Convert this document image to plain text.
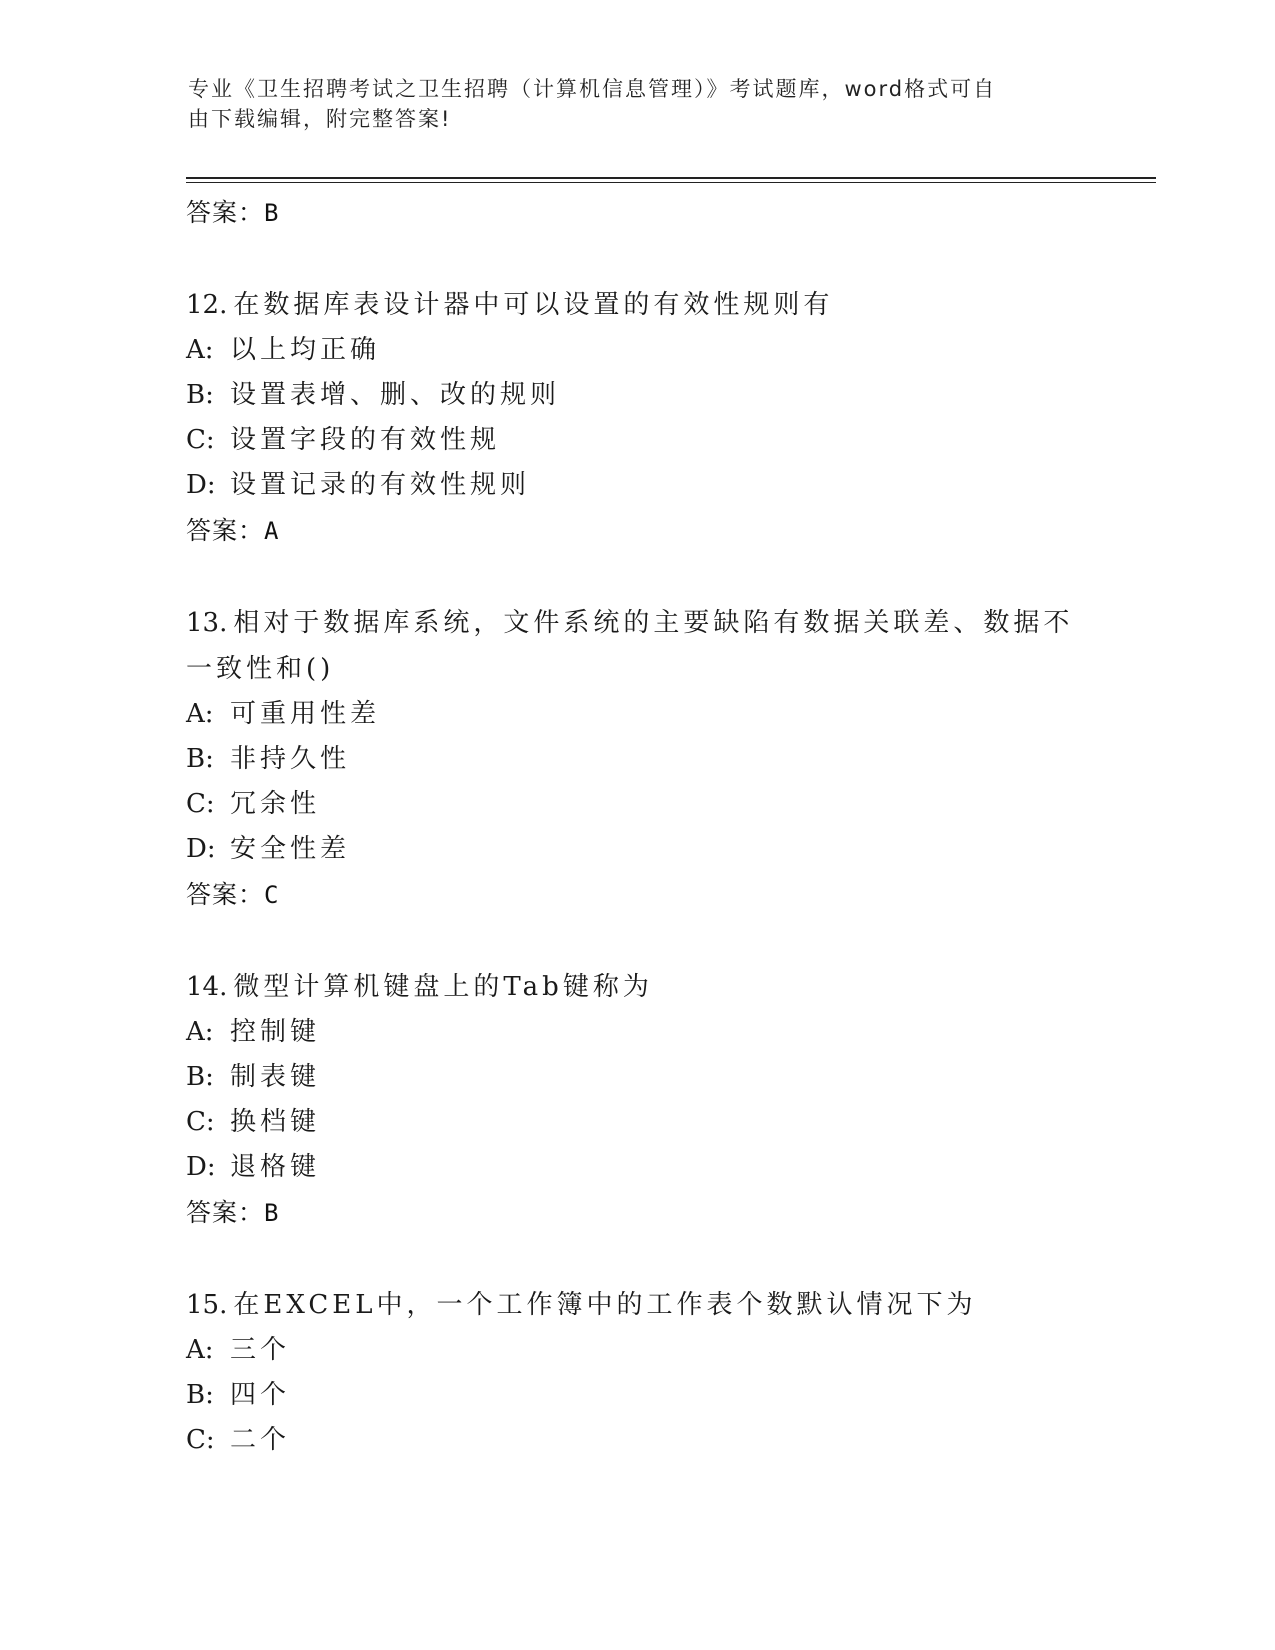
专业《卫生招聘考试之卫生招聘（计算机信息管理）》考试题库，word格式可自
由下载编辑，附完整答案!
答案：B
12. 在数据库表设计器中可以设置的有效性规则有
A: 以上均正确
B: 设置表增、删、改的规则
C: 设置字段的有效性规
D: 设置记录的有效性规则
答案：A
13. 相对于数据库系统，文件系统的主要缺陷有数据关联差、数据不一致性和()
A: 可重用性差
B: 非持久性
C: 冗余性
D: 安全性差
答案：C
14. 微型计算机键盘上的Tab键称为
A: 控制键
B: 制表键
C: 换档键
D: 退格键
答案：B
15. 在EXCEL中，一个工作簿中的工作表个数默认情况下为
A: 三个
B: 四个
C: 二个
